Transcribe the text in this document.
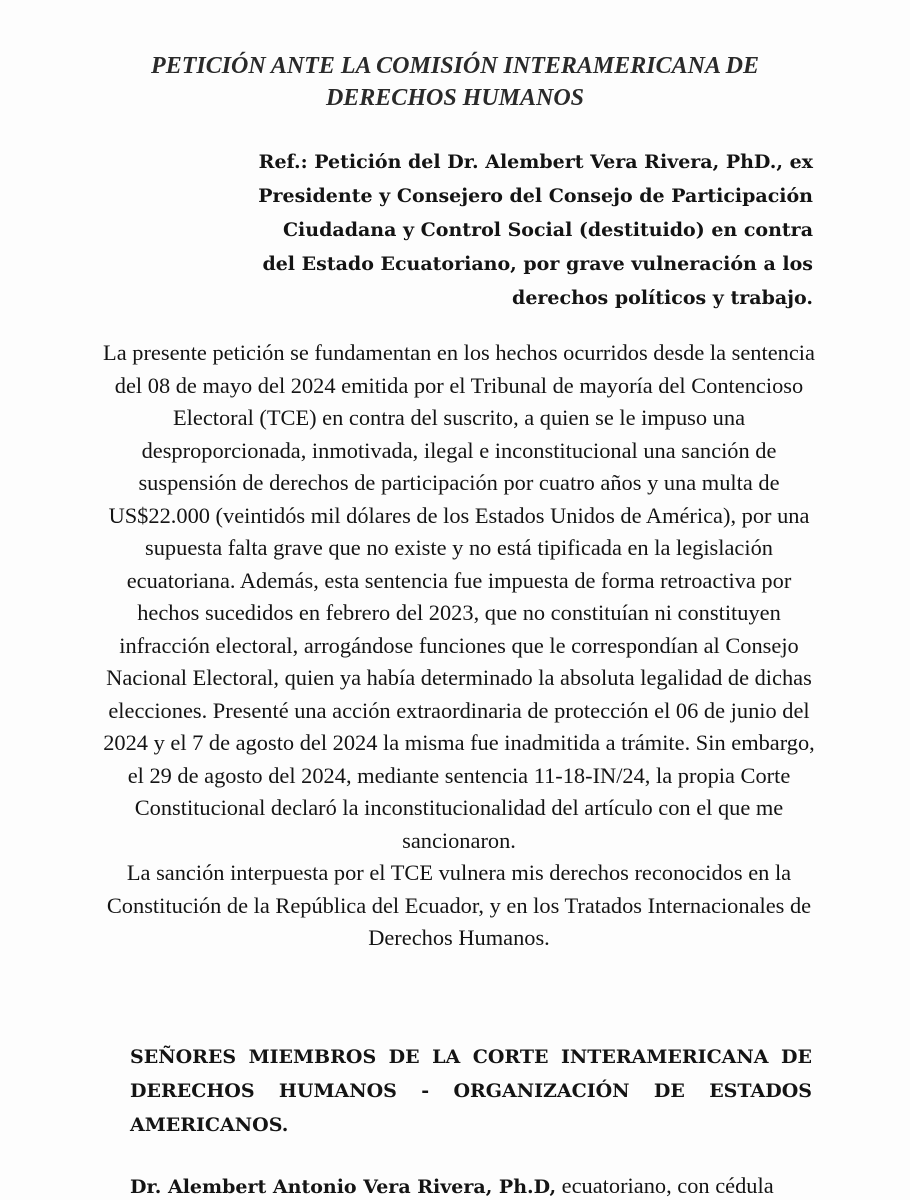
PETICIÓN ANTE LA COMISIÓN INTERAMERICANA DE DERECHOS HUMANOS

Ref.: Petición del Dr. Alembert Vera Rivera, PhD., ex Presidente y Consejero del Consejo de Participación Ciudadana y Control Social (destituido) en contra del Estado Ecuatoriano, por grave vulneración a los derechos políticos y trabajo.

La presente petición se fundamentan en los hechos ocurridos desde la sentencia del 08 de mayo del 2024 emitida por el Tribunal de mayoría del Contencioso Electoral (TCE) en contra del suscrito, a quien se le impuso una desproporcionada, inmotivada, ilegal e inconstitucional una sanción de suspensión de derechos de participación por cuatro años y una multa de US$22.000 (veintidós mil dólares de los Estados Unidos de América), por una supuesta falta grave que no existe y no está tipificada en la legislación ecuatoriana. Además, esta sentencia fue impuesta de forma retroactiva por hechos sucedidos en febrero del 2023, que no constituían ni constituyen infracción electoral, arrogándose funciones que le correspondían al Consejo Nacional Electoral, quien ya había determinado la absoluta legalidad de dichas elecciones. Presenté una acción extraordinaria de protección el 06 de junio del 2024 y el 7 de agosto del 2024 la misma fue inadmitida a trámite. Sin embargo, el 29 de agosto del 2024, mediante sentencia 11-18-IN/24, la propia Corte Constitucional declaró la inconstitucionalidad del artículo con el que me sancionaron.

La sanción interpuesta por el TCE vulnera mis derechos reconocidos en la Constitución de la República del Ecuador, y en los Tratados Internacionales de Derechos Humanos.

SEÑORES MIEMBROS DE LA CORTE INTERAMERICANA DE DERECHOS HUMANOS - ORGANIZACIÓN DE ESTADOS AMERICANOS.

Dr. Alembert Antonio Vera Rivera, Ph.D, ecuatoriano, con cédula
